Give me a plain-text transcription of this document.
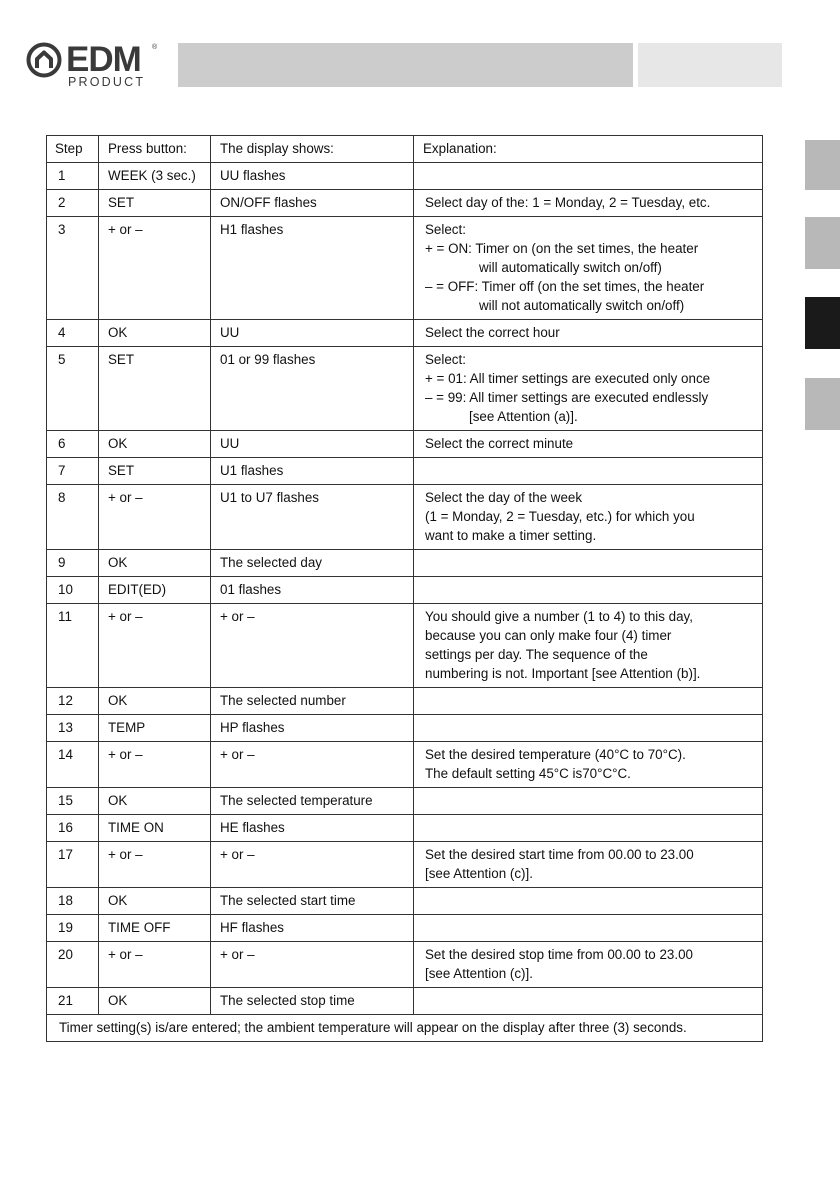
EDM ®
PRODUCT
Step	Press button:	The display shows:	Explanation:
1	WEEK (3 sec.)	UU flashes	
2	SET	ON/OFF flashes	Select day of the: 1 = Monday, 2 = Tuesday, etc.

3	+ or –	H1 flashes	Select:
+ = ON: Timer on (on the set times, the heater
will automatically switch on/off)
– = OFF: Timer off (on the set times, the heater
will not automatically switch on/off)

4	OK	UU	Select the correct hour

5	SET	01 or 99 flashes	Select:
+ = 01: All timer settings are executed only once
– = 99: All timer settings are executed endlessly
[see Attention (a)].

6	OK	UU	Select the correct minute

7	SET	U1 flashes	
8	+ or –	U1 to U7 flashes	Select the day of the week
(1 = Monday, 2 = Tuesday, etc.) for which you
want to make a timer setting.

9	OK	The selected day	
10	EDIT(ED)	01 flashes	
11	+ or –	+ or –	You should give a number (1 to 4) to this day,
because you can only make four (4) timer
settings per day. The sequence of the
numbering is not. Important [see Attention (b)].

12	OK	The selected number	
13	TEMP	HP flashes	
14	+ or –	+ or –	Set the desired temperature (40°C to 70°C).
The default setting 45°C is70°C°C.

15	OK	The selected temperature	
16	TIME ON	HE flashes	
17	+ or –	+ or –	Set the desired start time from 00.00 to 23.00
[see Attention (c)].

18	OK	The selected start time	
19	TIME OFF	HF flashes	
20	+ or –	+ or –	Set the desired stop time from 00.00 to 23.00
[see Attention (c)].

21	OK	The selected stop time	
Timer setting(s) is/are entered; the ambient temperature will appear on the display after three (3) seconds.			
